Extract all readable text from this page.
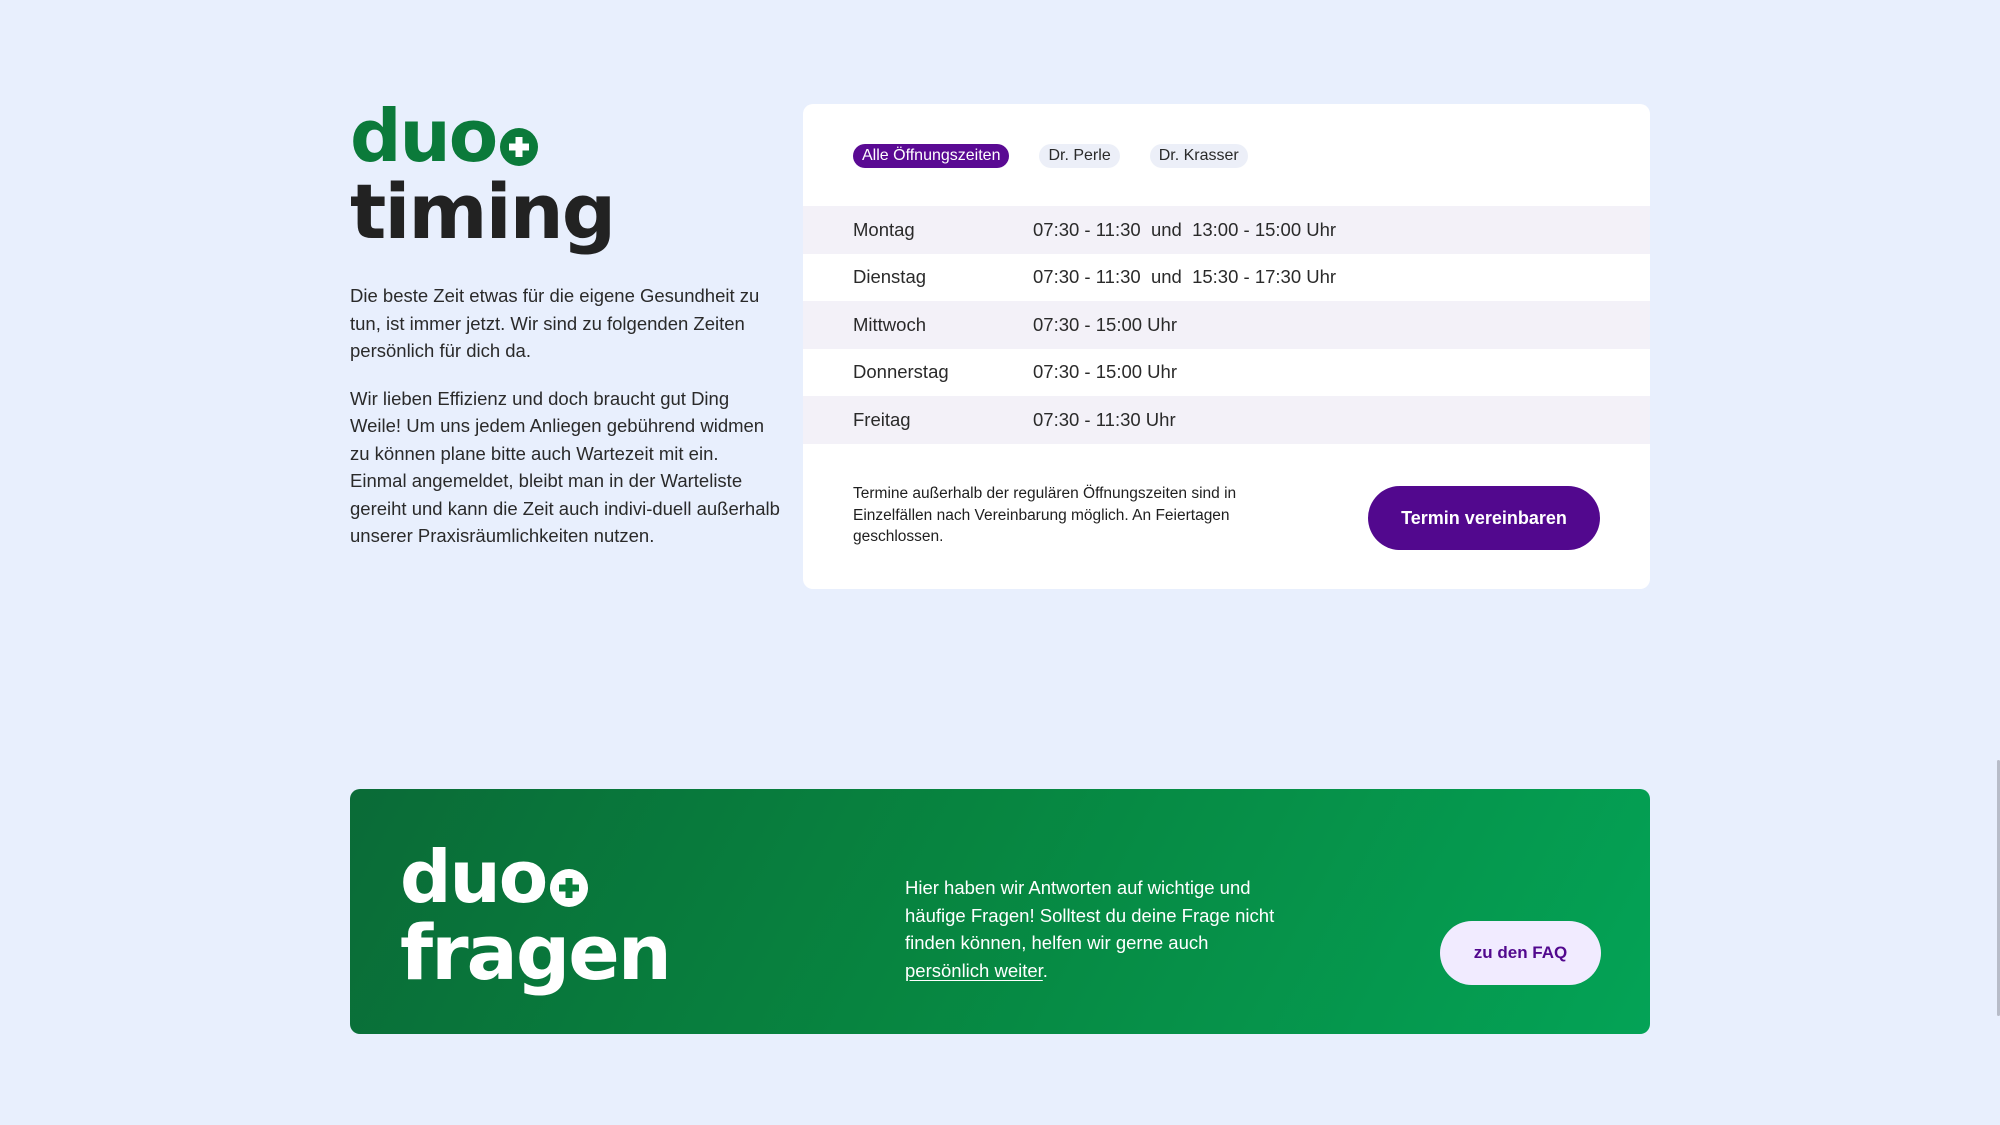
duo
timing

Die beste Zeit etwas für die eigene Gesundheit zu tun, ist immer jetzt. Wir sind zu folgenden Zeiten persönlich für dich da.

Wir lieben Effizienz und doch braucht gut Ding Weile! Um uns jedem Anliegen gebührend widmen zu können plane bitte auch Wartezeit mit ein. Einmal angemeldet, bleibt man in der Warteliste gereiht und kann die Zeit auch indivi-duell außerhalb unserer Praxisräumlichkeiten nutzen.

Alle Öffnungszeiten	Dr. Perle	Dr. Krasser
Montag	07:30 - 11:30  und  13:00 - 15:00 Uhr
Dienstag	07:30 - 11:30  und  15:30 - 17:30 Uhr
Mittwoch	07:30 - 15:00 Uhr
Donnerstag	07:30 - 15:00 Uhr
Freitag	07:30 - 11:30 Uhr
Termine außerhalb der regulären Öffnungszeiten sind in Einzelfällen nach Vereinbarung möglich. An Feiertagen geschlossen.
Termin vereinbaren
duo
fragen
Hier haben wir Antworten auf wichtige und häufige Fragen! Solltest du deine Frage nicht finden können, helfen wir gerne auch persönlich weiter.
zu den FAQ
